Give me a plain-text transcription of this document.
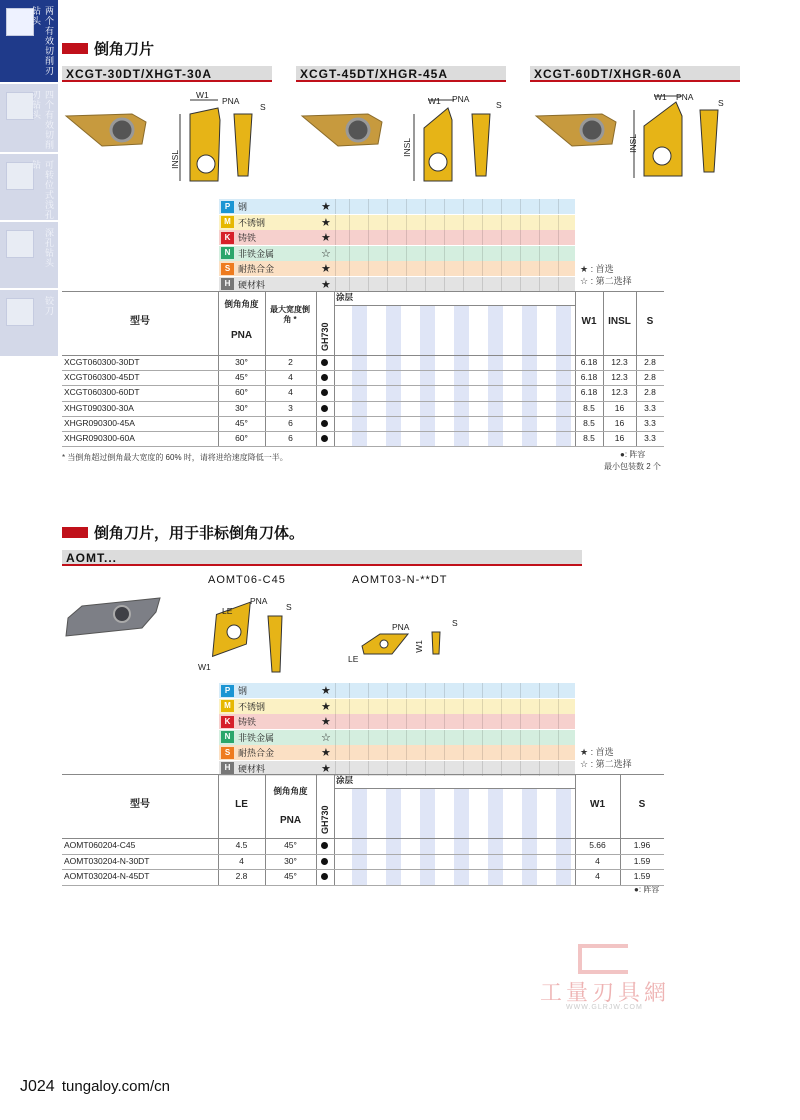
两个有效切削刃钻头
四个有效切削刃钻头
可转位式浅孔钻
深孔钻头
铰刀
倒角刀片
XCGT-30DT/XHGT-30A	XCGT-45DT/XHGR-45A	XCGT-60DT/XHGR-60A
W1
PNA
S
INSL
W1 PNA
S
INSL
W1 PNA
S
INSL
★ : 首选
☆ : 第二选择
* 当倒角超过倒角最大宽度的 60% 时，请将进给速度降低一半。	●: 阵容
最小包装数 2 个
倒角刀片，用于非标倒角刀体。
AOMT...
AOMT06-C45	AOMT03-N-**DT
LE
PNA
S
W1
PNA	S
LE
W1
★ : 首选
☆ : 第二选择
●: 阵容
工量刃具網
WWW.GLRJW.COM
J024 tungaloy.com/cn
P 钢	★
M 不锈钢	★
K 铸铁	★
N 非铁金属	☆
S 耐热合金	★
H 硬材料	★
P 钢	★
M 不锈钢	★
K 铸铁	★
N 非铁金属	☆
S 耐热合金	★
H 硬材料	★
型号
倒角角度
PNA
最大宽度倒角 *
涂层
GH730
W1	INSL	S
XCGT060300-30DT	30°	2	6.18	12.3	2.8
XCGT060300-45DT	45°	4	6.18	12.3	2.8
XCGT060300-60DT	60°	4	6.18	12.3	2.8
XHGT090300-30A	30°	3	8.5	16	3.3
XHGR090300-45A	45°	6	8.5	16	3.3
XHGR090300-60A	60°	6	8.5	16	3.3
型号	LE
倒角角度
PNA
涂层
GH730
W1	S
AOMT060204-C45	4.5	45°	5.66	1.96
AOMT030204-N-30DT	4	30°	4	1.59
AOMT030204-N-45DT	2.8	45°	4	1.59
